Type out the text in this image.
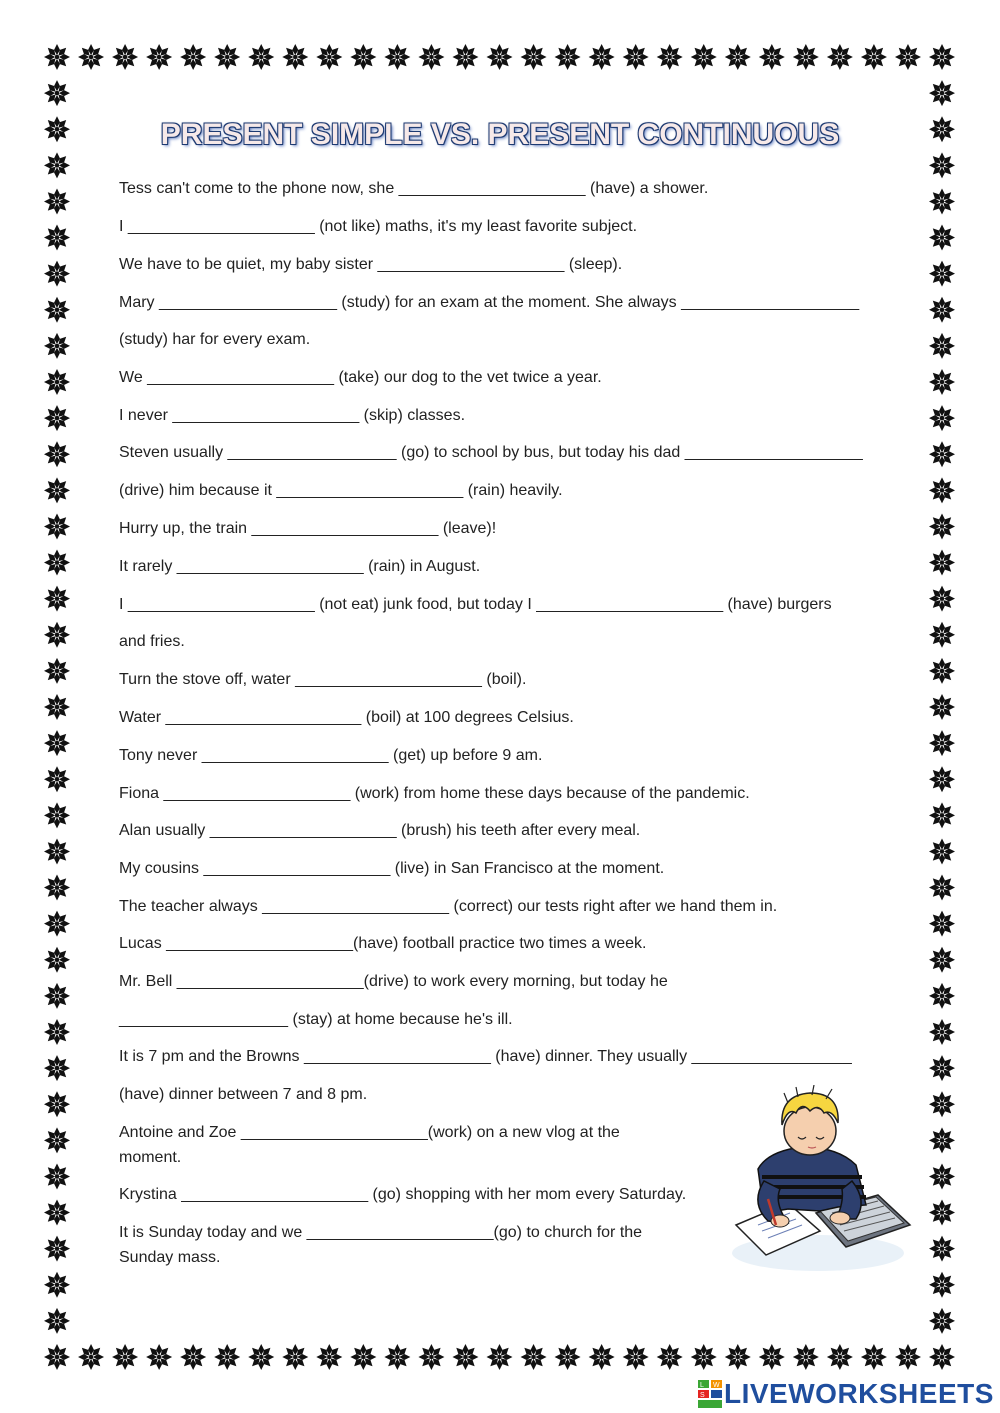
PRESENT SIMPLE VS. PRESENT CONTINUOUS
Tess can't come to the phone now, she _____________________ (have) a shower.
I _____________________ (not like) maths, it's my least favorite subject.
We have to be quiet, my baby sister _____________________ (sleep).
Mary ____________________ (study) for an exam at the moment. She always ____________________
(study) har for every exam.
We _____________________ (take) our dog to the vet twice a year.
I never _____________________ (skip) classes.
Steven usually ___________________ (go) to school by bus, but today his dad ____________________
(drive) him because it _____________________ (rain) heavily.
Hurry up, the train _____________________ (leave)!
It rarely _____________________ (rain) in August.
I _____________________ (not eat) junk food, but today I _____________________ (have) burgers
and fries.
Turn the stove off, water _____________________ (boil).
Water ______________________ (boil) at 100 degrees Celsius.
Tony never _____________________ (get) up before 9 am.
Fiona _____________________ (work) from home these days because of the pandemic.
Alan usually _____________________ (brush) his teeth after every meal.
My cousins _____________________ (live) in San Francisco at the moment.
The teacher always _____________________ (correct) our tests right after we hand them in.
Lucas _____________________(have) football practice two times a week.
Mr. Bell _____________________(drive) to work every morning, but today he
___________________ (stay) at home because he's ill.
It is 7 pm and the Browns _____________________ (have) dinner. They usually __________________
(have) dinner between 7 and 8 pm.
Antoine and Zoe _____________________(work) on a new vlog at the
moment.
Krystina _____________________ (go) shopping with her mom every Saturday.
It is Sunday today and we _____________________(go) to church for the
Sunday mass.
L W
S LIVEWORKSHEETS
